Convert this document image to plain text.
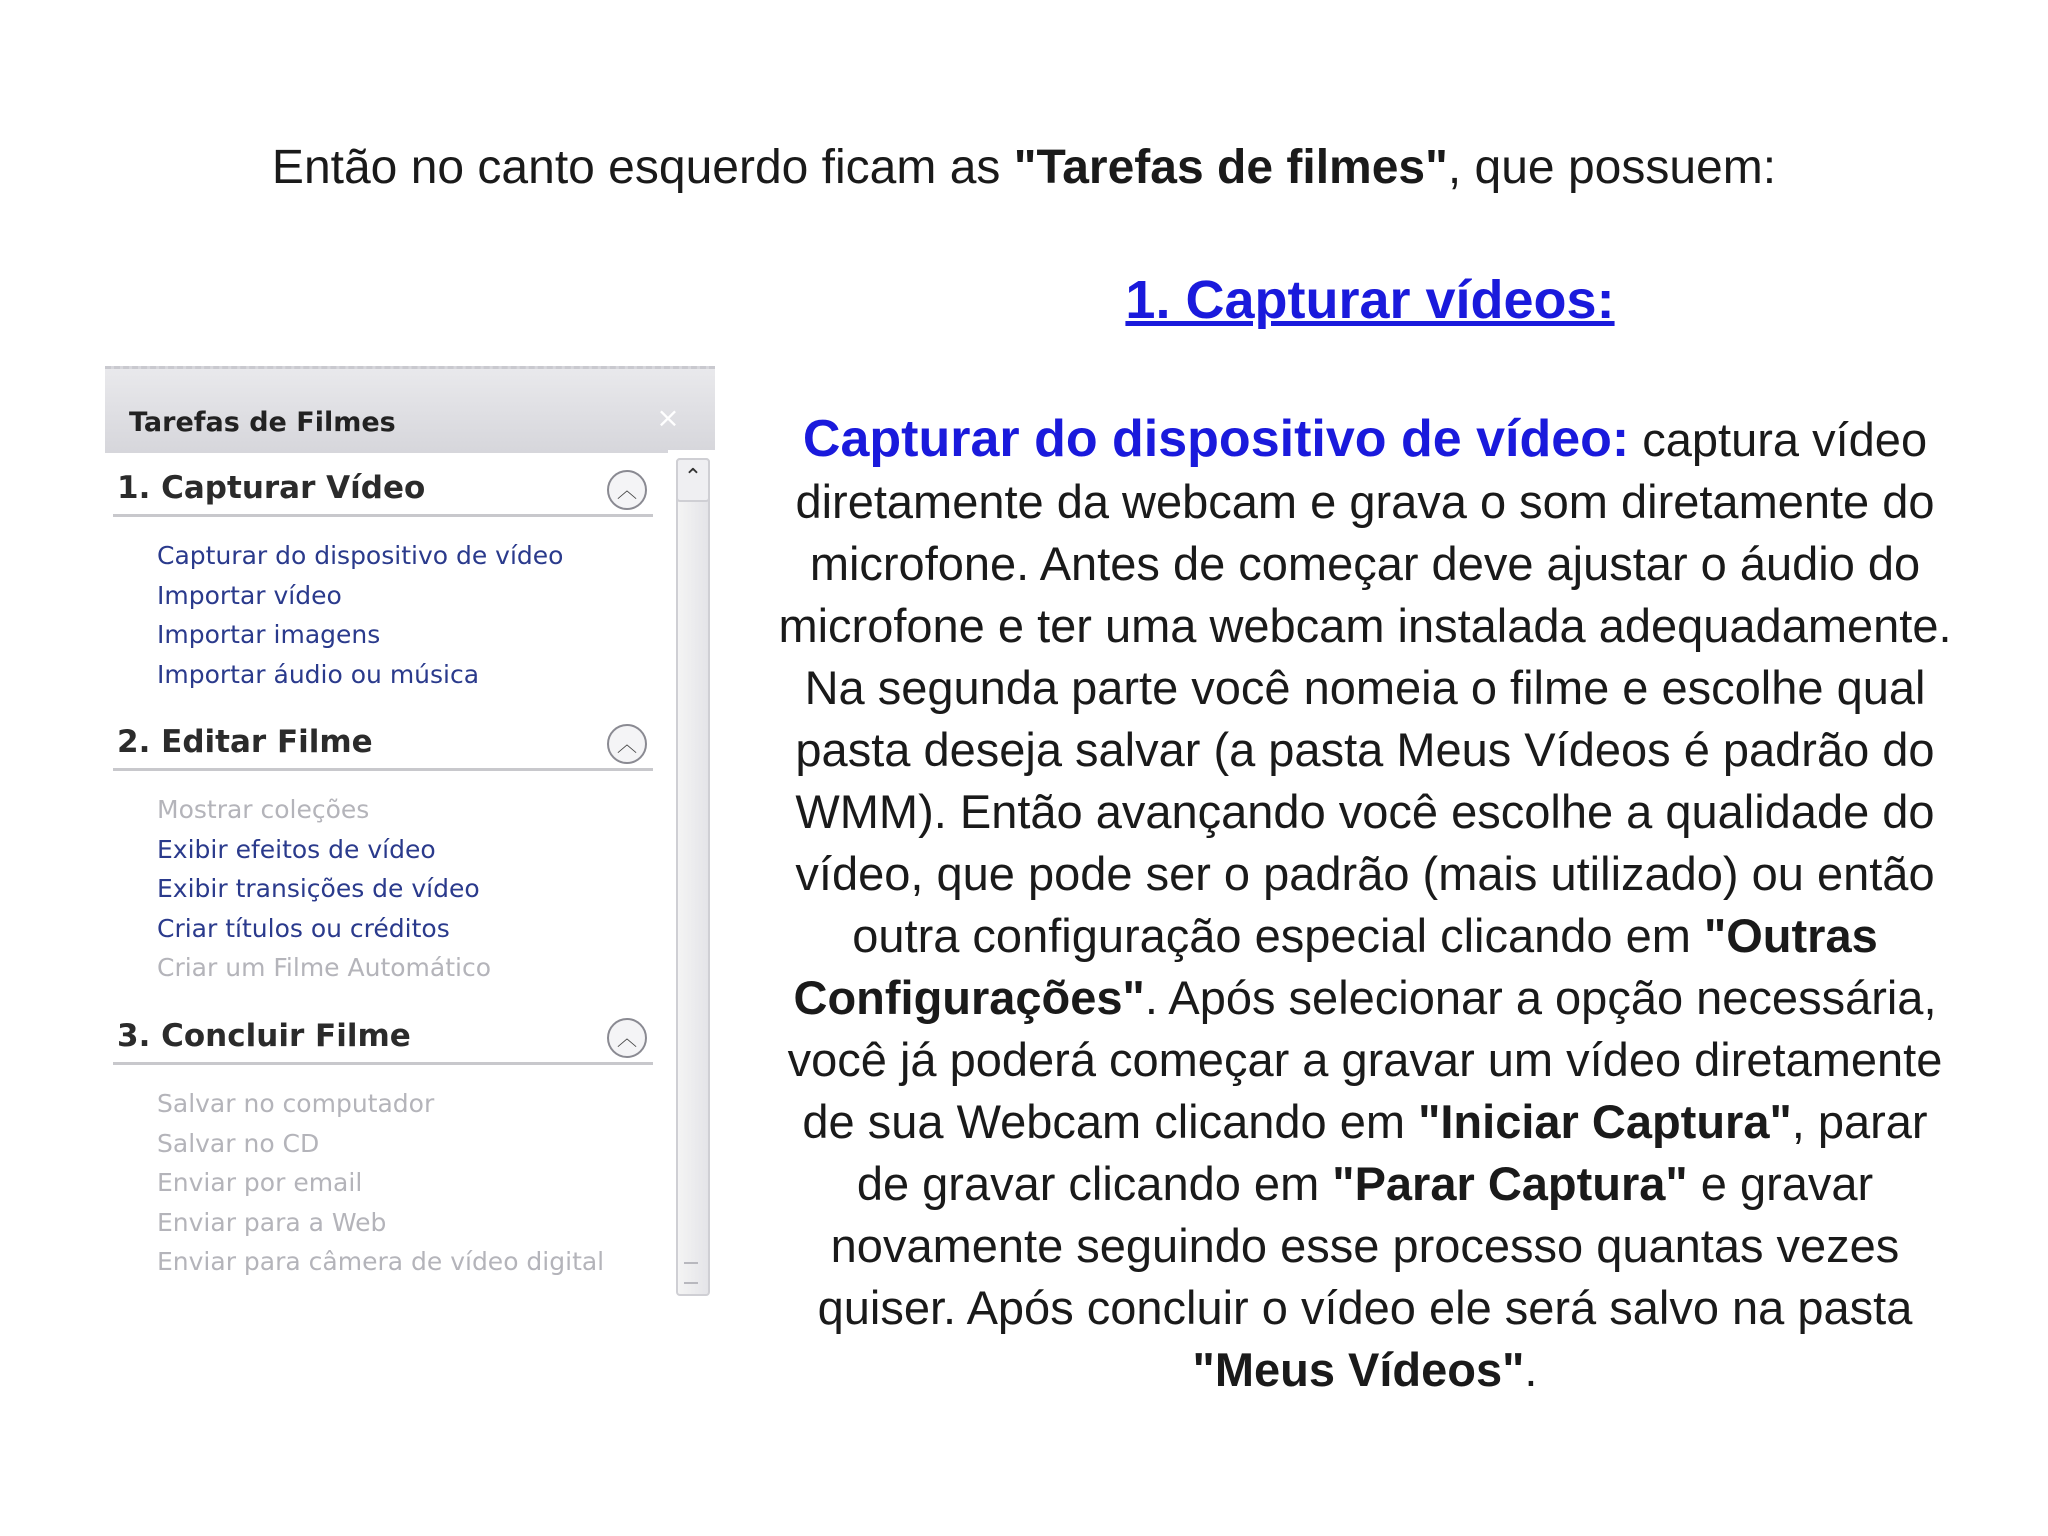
Então no canto esquerdo ficam as "Tarefas de filmes", que possuem:
1. Capturar vídeos:
Capturar do dispositivo de vídeo: captura vídeo diretamente da webcam e grava o som diretamente do microfone. Antes de começar deve ajustar o áudio do microfone e ter uma webcam instalada adequadamente. Na segunda parte você nomeia o filme e escolhe qual pasta deseja salvar (a pasta Meus Vídeos é padrão do WMM). Então avançando você escolhe a qualidade do vídeo, que pode ser o padrão (mais utilizado) ou então outra configuração especial clicando em "Outras Configurações". Após selecionar a opção necessária, você já poderá começar a gravar um vídeo diretamente de sua Webcam clicando em "Iniciar Captura", parar de gravar clicando em "Parar Captura" e gravar novamente seguindo esse processo quantas vezes quiser. Após concluir o vídeo ele será salvo na pasta "Meus Vídeos".
Tarefas de Filmes	×
⌃
1. Capturar Vídeo	︿
Capturar do dispositivo de vídeo
Importar vídeo
Importar imagens
Importar áudio ou música
2. Editar Filme	︿
Mostrar coleções
Exibir efeitos de vídeo
Exibir transições de vídeo
Criar títulos ou créditos
Criar um Filme Automático
3. Concluir Filme	︿
Salvar no computador
Salvar no CD
Enviar por email
Enviar para a Web
Enviar para câmera de vídeo digital
